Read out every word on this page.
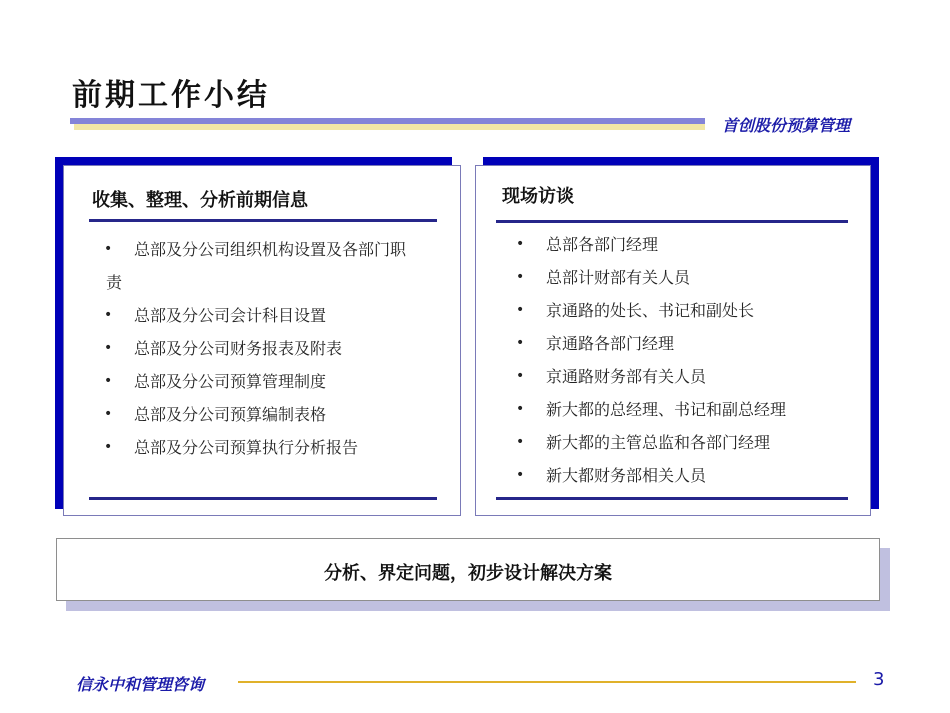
前期工作小结
首创股份预算管理
收集、整理、分析前期信息
• 总部及分公司组织机构设置及各部门职
责
• 总部及分公司会计科目设置
• 总部及分公司财务报表及附表
• 总部及分公司预算管理制度
• 总部及分公司预算编制表格
• 总部及分公司预算执行分析报告
现场访谈
• 总部各部门经理
• 总部计财部有关人员
• 京通路的处长、书记和副处长
• 京通路各部门经理
• 京通路财务部有关人员
• 新大都的总经理、书记和副总经理
• 新大都的主管总监和各部门经理
• 新大都财务部相关人员
分析、界定问题，初步设计解决方案
信永中和管理咨询	3
